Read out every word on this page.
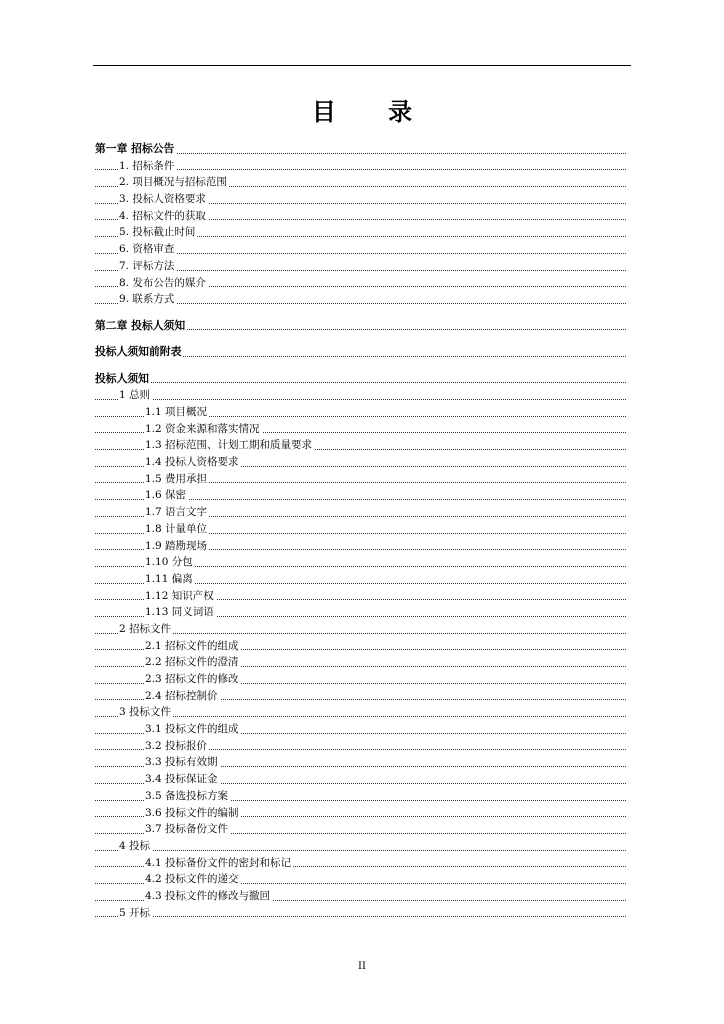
目 录
第一章 招标公告
1. 招标条件
2. 项目概况与招标范围
3. 投标人资格要求
4. 招标文件的获取
5. 投标截止时间
6. 资格审查
7. 评标方法
8. 发布公告的媒介
9. 联系方式
第二章 投标人须知
投标人须知前附表
投标人须知
1 总则
1.1 项目概况
1.2 资金来源和落实情况
1.3 招标范围、计划工期和质量要求
1.4 投标人资格要求
1.5 费用承担
1.6 保密
1.7 语言文字
1.8 计量单位
1.9 踏勘现场
1.10 分包
1.11 偏离
1.12 知识产权
1.13 同义词语
2 招标文件
2.1 招标文件的组成
2.2 招标文件的澄清
2.3 招标文件的修改
2.4 招标控制价
3 投标文件
3.1 投标文件的组成
3.2 投标报价
3.3 投标有效期
3.4 投标保证金
3.5 备选投标方案
3.6 投标文件的编制
3.7 投标备份文件
4 投标
4.1 投标备份文件的密封和标记
4.2 投标文件的递交
4.3 投标文件的修改与撤回
5 开标
II
